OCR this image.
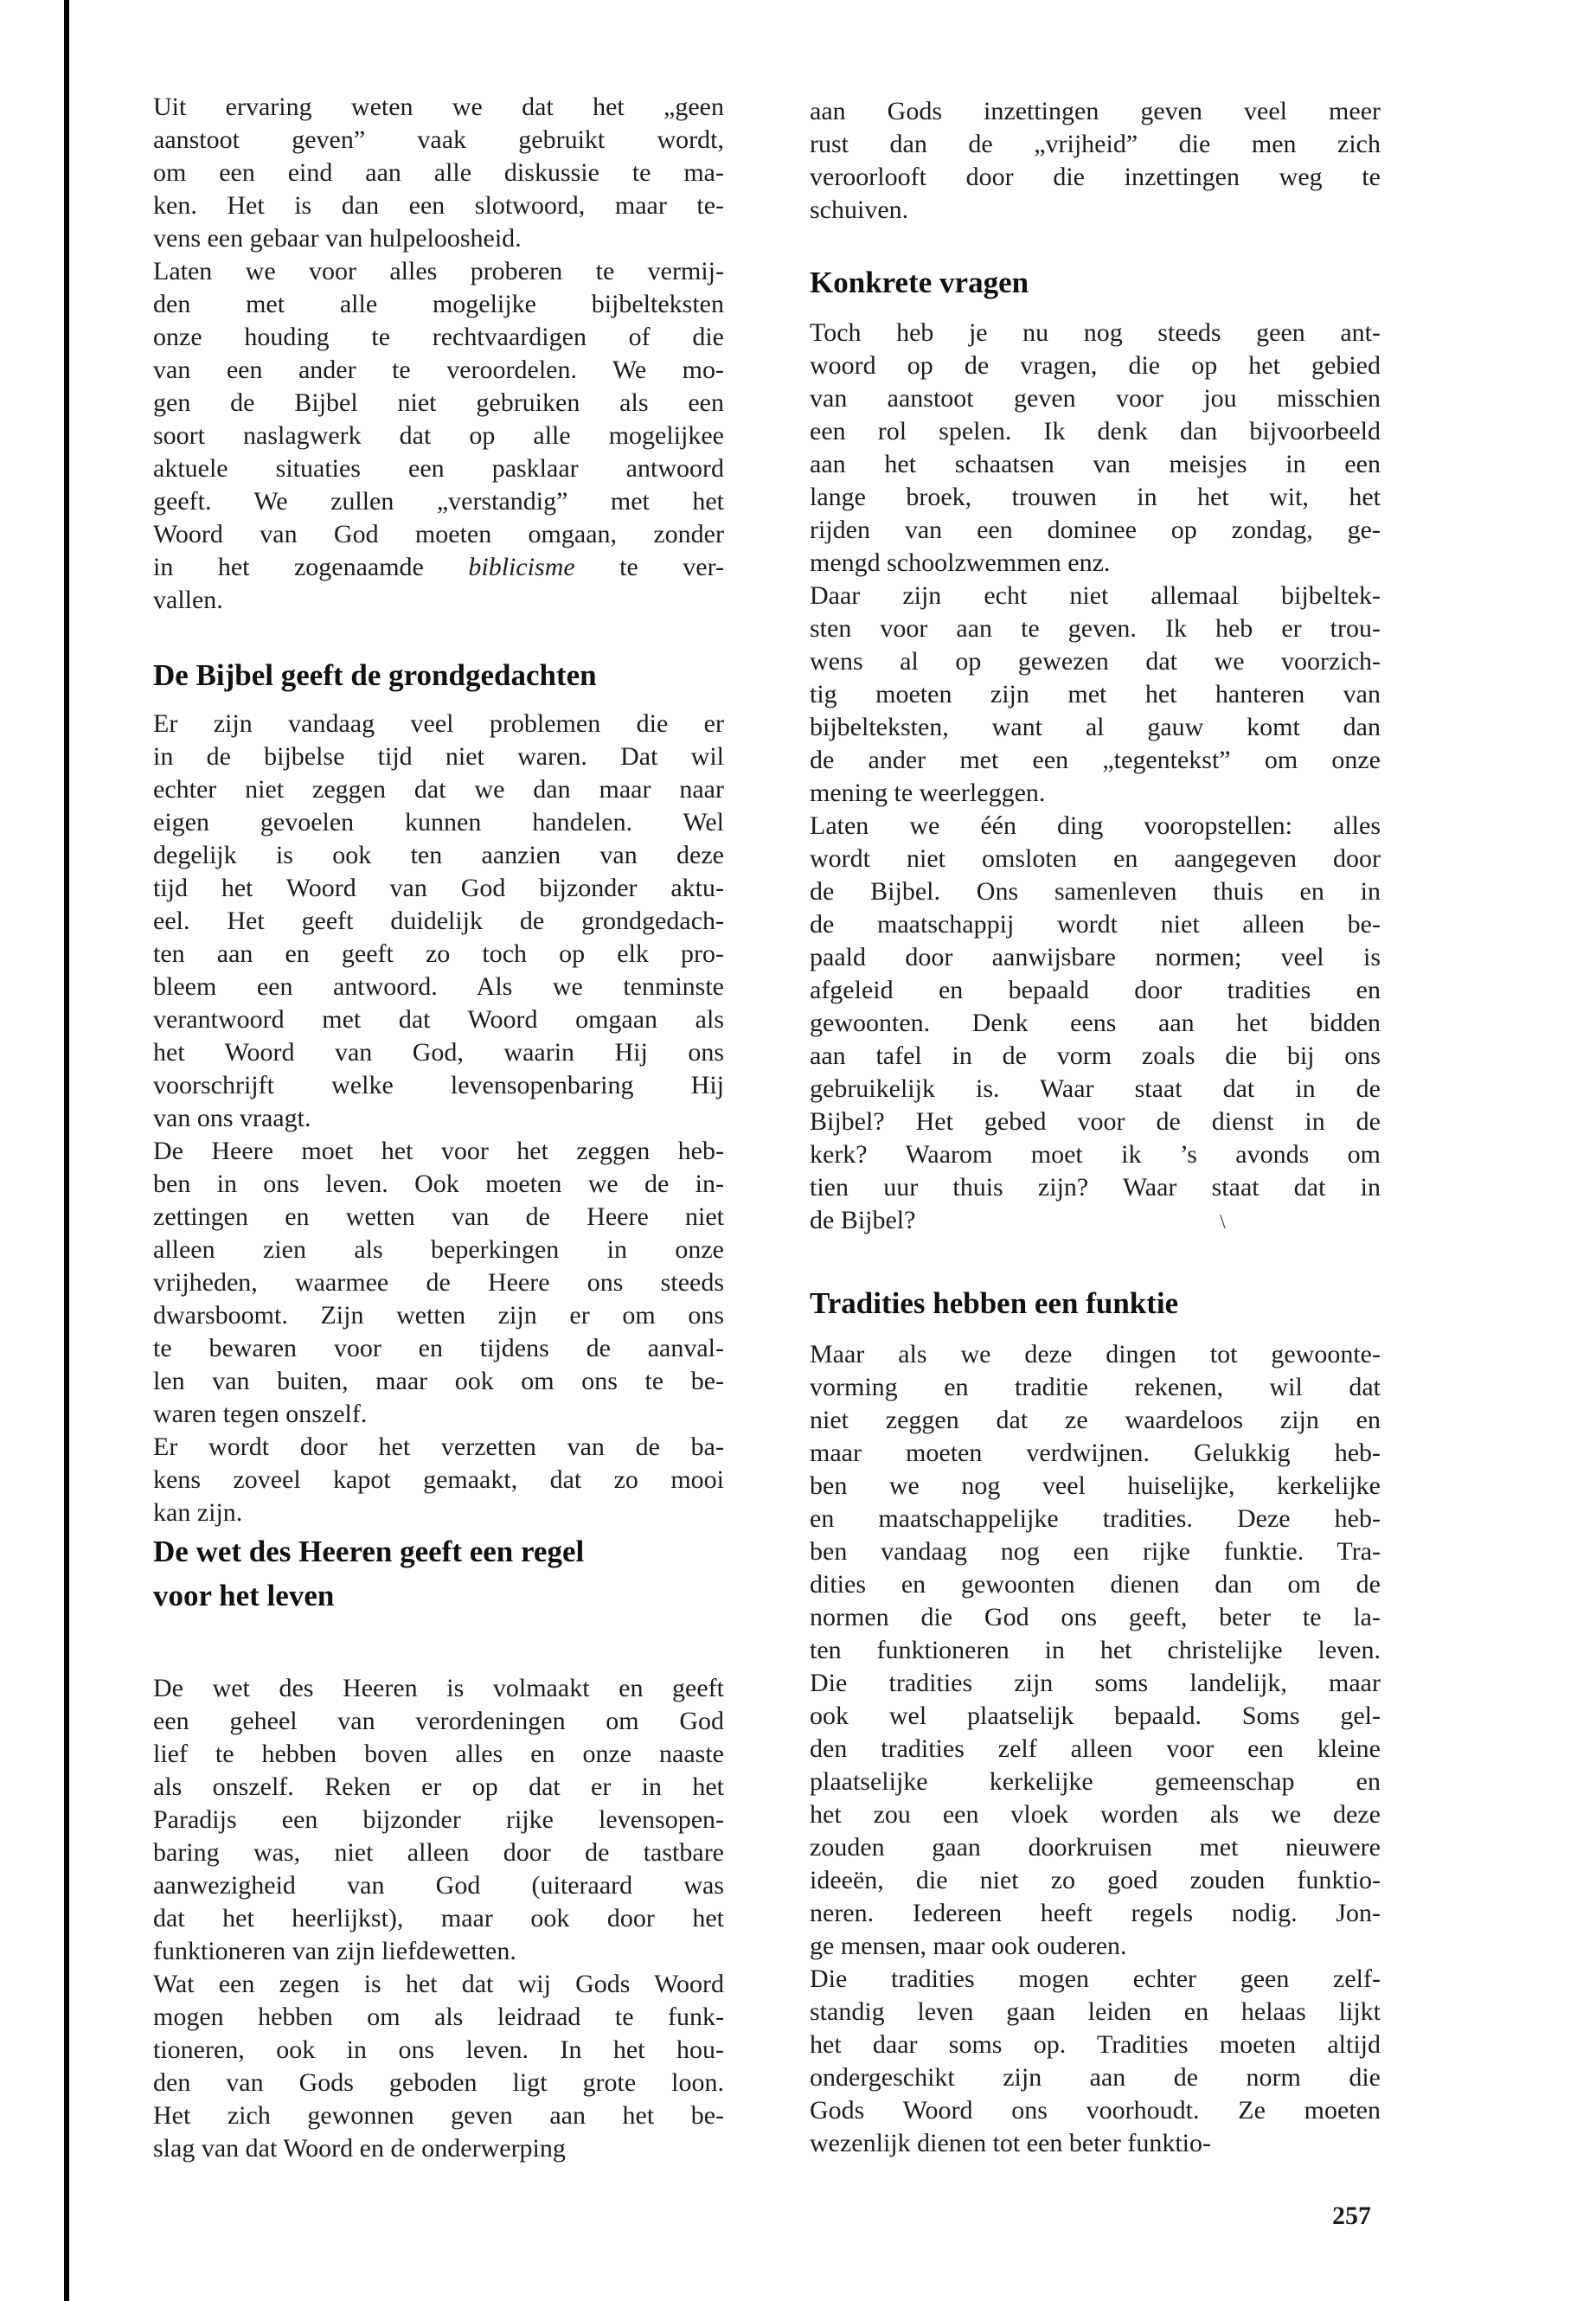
Uit ervaring weten we dat het „geen
aanstoot geven” vaak gebruikt wordt,
om een eind aan alle diskussie te ma-
ken. Het is dan een slotwoord, maar te-
vens een gebaar van hulpeloosheid.
Laten we voor alles proberen te vermij-
den met alle mogelijke bijbelteksten
onze houding te rechtvaardigen of die
van een ander te veroordelen. We mo-
gen de Bijbel niet gebruiken als een
soort naslagwerk dat op alle mogelijkee
aktuele situaties een pasklaar antwoord
geeft. We zullen „verstandig” met het
Woord van God moeten omgaan, zonder
in het zogenaamde biblicisme te ver-
vallen.
De Bijbel geeft de grondgedachten
Er zijn vandaag veel problemen die er
in de bijbelse tijd niet waren. Dat wil
echter niet zeggen dat we dan maar naar
eigen gevoelen kunnen handelen. Wel
degelijk is ook ten aanzien van deze
tijd het Woord van God bijzonder aktu-
eel. Het geeft duidelijk de grondgedach-
ten aan en geeft zo toch op elk pro-
bleem een antwoord. Als we tenminste
verantwoord met dat Woord omgaan als
het Woord van God, waarin Hij ons
voorschrijft welke levensopenbaring Hij
van ons vraagt.
De Heere moet het voor het zeggen heb-
ben in ons leven. Ook moeten we de in-
zettingen en wetten van de Heere niet
alleen zien als beperkingen in onze
vrijheden, waarmee de Heere ons steeds
dwarsboomt. Zijn wetten zijn er om ons
te bewaren voor en tijdens de aanval-
len van buiten, maar ook om ons te be-
waren tegen onszelf.
Er wordt door het verzetten van de ba-
kens zoveel kapot gemaakt, dat zo mooi
kan zijn.
De wet des Heeren geeft een regel
voor het leven
De wet des Heeren is volmaakt en geeft
een geheel van verordeningen om God
lief te hebben boven alles en onze naaste
als onszelf. Reken er op dat er in het
Paradijs een bijzonder rijke levensopen-
baring was, niet alleen door de tastbare
aanwezigheid van God (uiteraard was
dat het heerlijkst), maar ook door het
funktioneren van zijn liefdewetten.
Wat een zegen is het dat wij Gods Woord
mogen hebben om als leidraad te funk-
tioneren, ook in ons leven. In het hou-
den van Gods geboden ligt grote loon.
Het zich gewonnen geven aan het be-
slag van dat Woord en de onderwerping
aan Gods inzettingen geven veel meer
rust dan de „vrijheid” die men zich
veroorlooft door die inzettingen weg te
schuiven.
Konkrete vragen
Toch heb je nu nog steeds geen ant-
woord op de vragen, die op het gebied
van aanstoot geven voor jou misschien
een rol spelen. Ik denk dan bijvoorbeeld
aan het schaatsen van meisjes in een
lange broek, trouwen in het wit, het
rijden van een dominee op zondag, ge-
mengd schoolzwemmen enz.
Daar zijn echt niet allemaal bijbeltek-
sten voor aan te geven. Ik heb er trou-
wens al op gewezen dat we voorzich-
tig moeten zijn met het hanteren van
bijbelteksten, want al gauw komt dan
de ander met een „tegentekst” om onze
mening te weerleggen.
Laten we één ding vooropstellen: alles
wordt niet omsloten en aangegeven door
de Bijbel. Ons samenleven thuis en in
de maatschappij wordt niet alleen be-
paald door aanwijsbare normen; veel is
afgeleid en bepaald door tradities en
gewoonten. Denk eens aan het bidden
aan tafel in de vorm zoals die bij ons
gebruikelijk is. Waar staat dat in de
Bijbel? Het gebed voor de dienst in de
kerk? Waarom moet ik ’s avonds om
tien uur thuis zijn? Waar staat dat in
de Bijbel?	\
Tradities hebben een funktie
Maar als we deze dingen tot gewoonte-
vorming en traditie rekenen, wil dat
niet zeggen dat ze waardeloos zijn en
maar moeten verdwijnen. Gelukkig heb-
ben we nog veel huiselijke, kerkelijke
en maatschappelijke tradities. Deze heb-
ben vandaag nog een rijke funktie. Tra-
dities en gewoonten dienen dan om de
normen die God ons geeft, beter te la-
ten funktioneren in het christelijke leven.
Die tradities zijn soms landelijk, maar
ook wel plaatselijk bepaald. Soms gel-
den tradities zelf alleen voor een kleine
plaatselijke kerkelijke gemeenschap en
het zou een vloek worden als we deze
zouden gaan doorkruisen met nieuwere
ideeën, die niet zo goed zouden funktio-
neren. Iedereen heeft regels nodig. Jon-
ge mensen, maar ook ouderen.
Die tradities mogen echter geen zelf-
standig leven gaan leiden en helaas lijkt
het daar soms op. Tradities moeten altijd
ondergeschikt zijn aan de norm die
Gods Woord ons voorhoudt. Ze moeten
wezenlijk dienen tot een beter funktio-
257
